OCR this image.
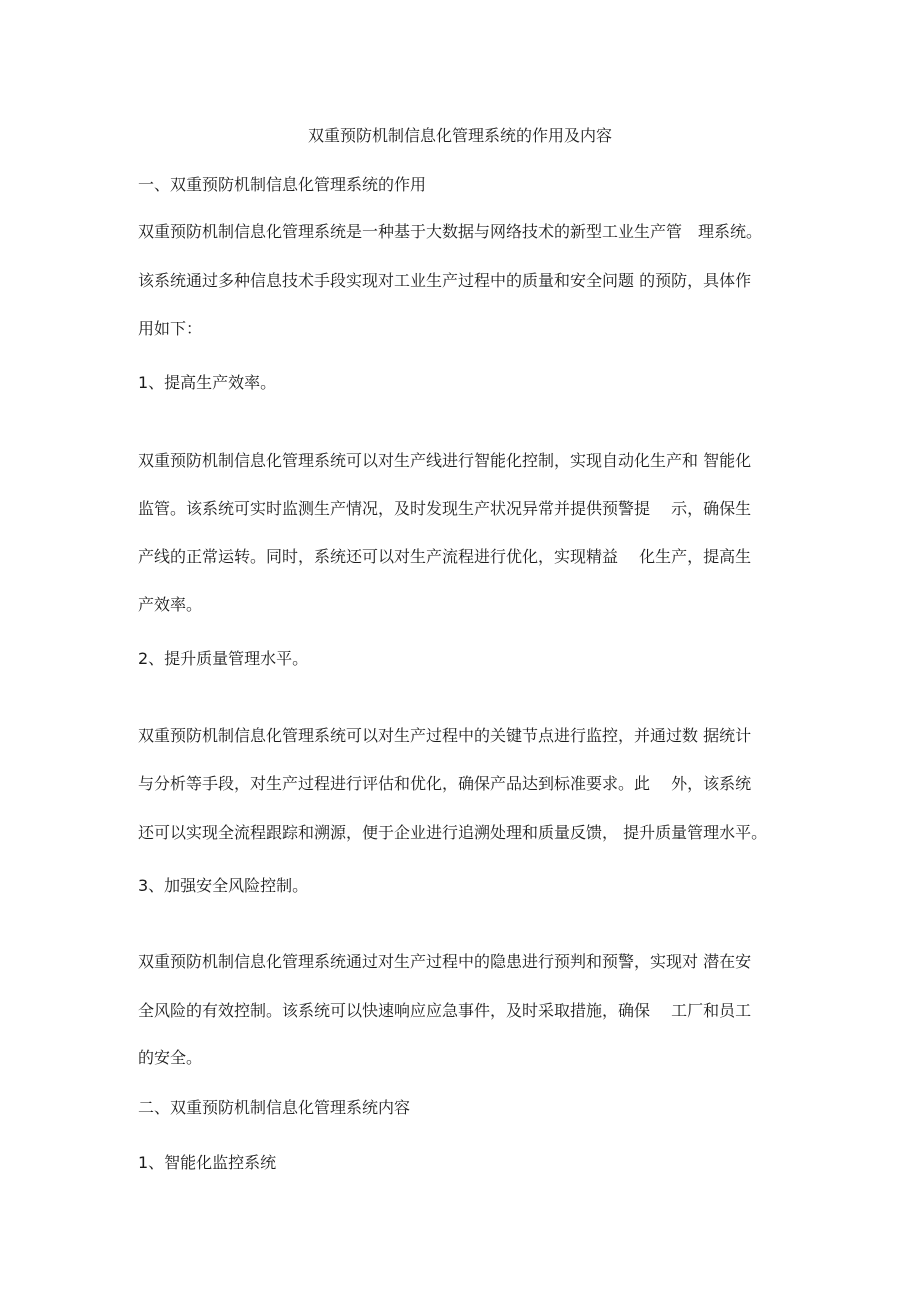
双重预防机制信息化管理系统的作用及内容

一、双重预防机制信息化管理系统的作用

双重预防机制信息化管理系统是一种基于大数据与网络技术的新型工业生产管　理系统。

该系统通过多种信息技术手段实现对工业生产过程中的质量和安全问题 的预防，具体作

用如下：

1、提高生产效率。

双重预防机制信息化管理系统可以对生产线进行智能化控制，实现自动化生产和 智能化

监管。该系统可实时监测生产情况，及时发现生产状况异常并提供预警提　 示，确保生

产线的正常运转。同时，系统还可以对生产流程进行优化，实现精益　 化生产，提高生

产效率。

2、提升质量管理水平。

双重预防机制信息化管理系统可以对生产过程中的关键节点进行监控，并通过数 据统计

与分析等手段，对生产过程进行评估和优化，确保产品达到标准要求。此　 外，该系统

还可以实现全流程跟踪和溯源，便于企业进行追溯处理和质量反馈， 提升质量管理水平。

3、加强安全风险控制。

双重预防机制信息化管理系统通过对生产过程中的隐患进行预判和预警，实现对 潜在安

全风险的有效控制。该系统可以快速响应应急事件，及时采取措施，确保　 工厂和员工

的安全。

二、双重预防机制信息化管理系统内容

1、智能化监控系统
